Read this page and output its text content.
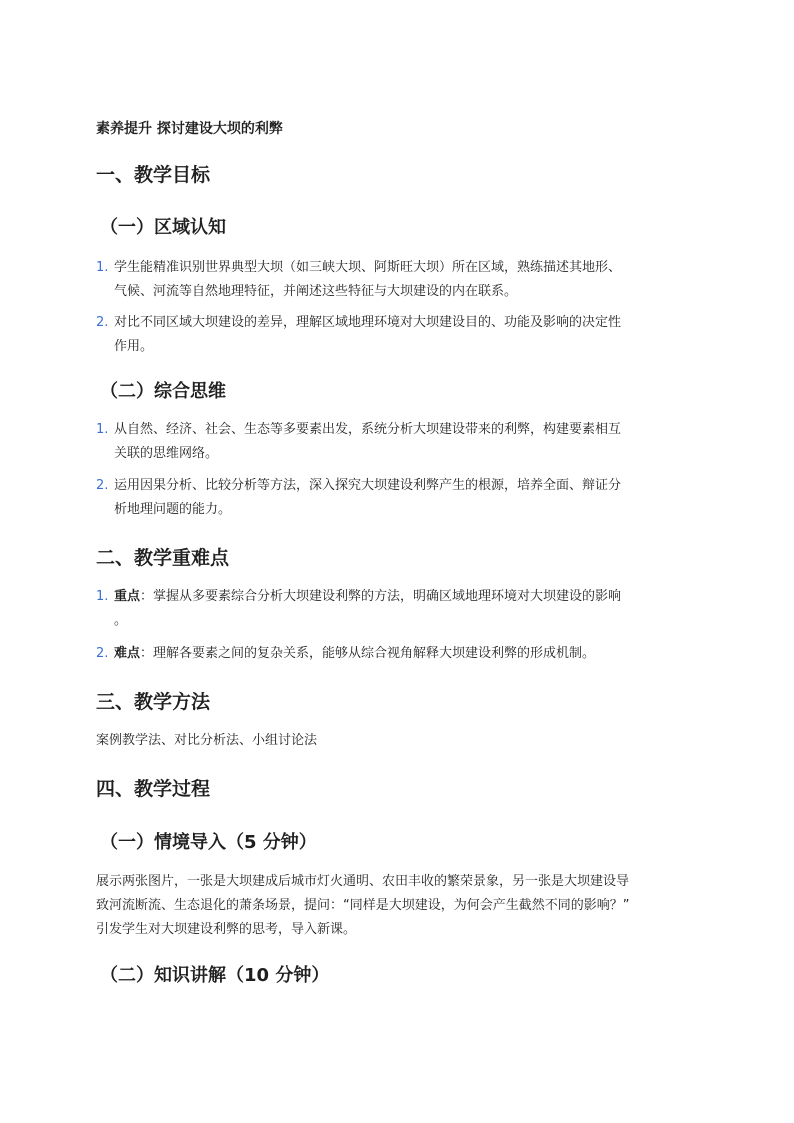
素养提升 探讨建设大坝的利弊
一、教学目标
（一）区域认知
1. 学生能精准识别世界典型大坝（如三峡大坝、阿斯旺大坝）所在区域，熟练描述其地形、
气候、河流等自然地理特征，并阐述这些特征与大坝建设的内在联系。
2. 对比不同区域大坝建设的差异，理解区域地理环境对大坝建设目的、功能及影响的决定性
作用。
（二）综合思维
1. 从自然、经济、社会、生态等多要素出发，系统分析大坝建设带来的利弊，构建要素相互
关联的思维网络。
2. 运用因果分析、比较分析等方法，深入探究大坝建设利弊产生的根源，培养全面、辩证分
析地理问题的能力。
二、教学重难点
1. 重点：掌握从多要素综合分析大坝建设利弊的方法，明确区域地理环境对大坝建设的影响
。
2. 难点：理解各要素之间的复杂关系，能够从综合视角解释大坝建设利弊的形成机制。
三、教学方法
案例教学法、对比分析法、小组讨论法
四、教学过程
（一）情境导入（5 分钟）
展示两张图片，一张是大坝建成后城市灯火通明、农田丰收的繁荣景象，另一张是大坝建设导
致河流断流、生态退化的萧条场景，提问：“同样是大坝建设，为何会产生截然不同的影响？”
引发学生对大坝建设利弊的思考，导入新课。
（二）知识讲解（10 分钟）
